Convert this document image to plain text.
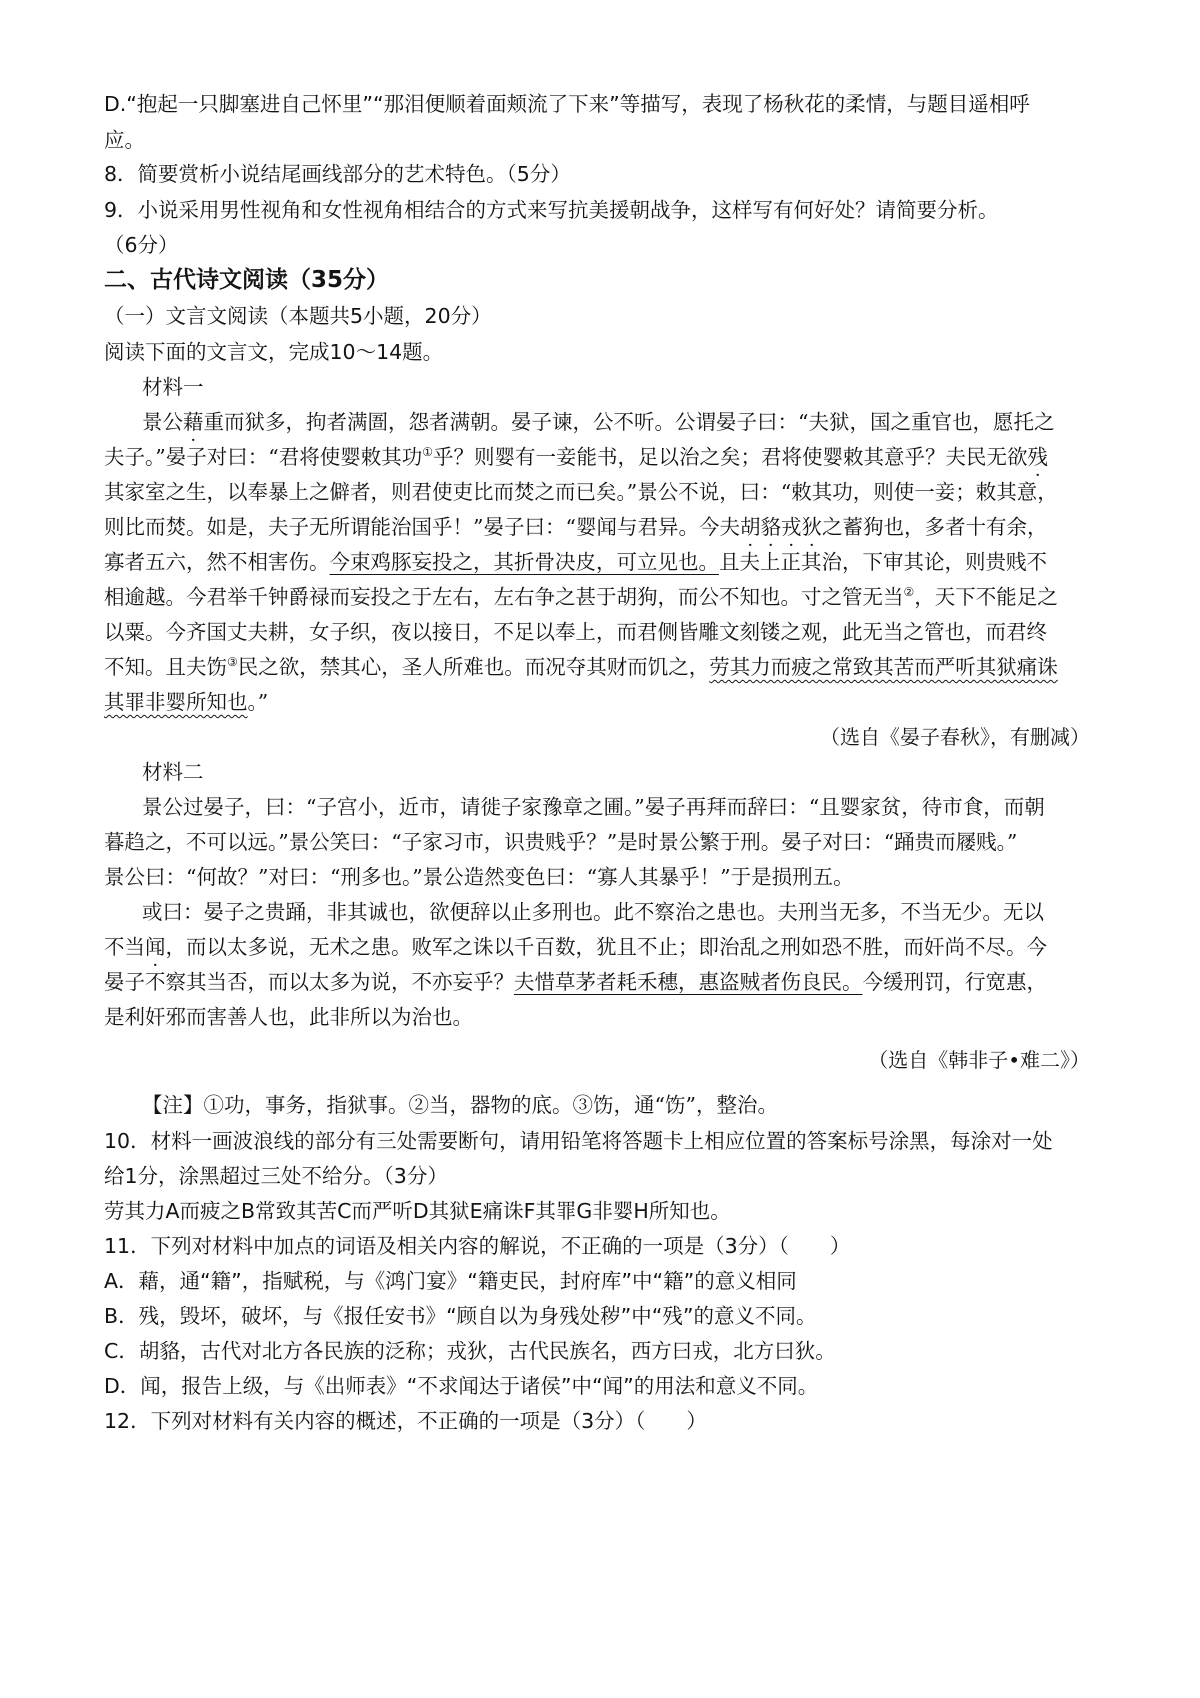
D.“抱起一只脚塞进自己怀里”“那泪便顺着面颊流了下来”等描写，表现了杨秋花的柔情，与题目遥相呼
应。
8．简要赏析小说结尾画线部分的艺术特色。（5分）
9．小说采用男性视角和女性视角相结合的方式来写抗美援朝战争，这样写有何好处？请简要分析。
（6分）
二、古代诗文阅读（35分）
（一）文言文阅读（本题共5小题，20分）
阅读下面的文言文，完成10～14题。
材料一
景公藉重而狱多，拘者满圄，怨者满朝。晏子谏，公不听。公谓晏子曰：“夫狱，国之重官也，愿托之
夫子。”晏子对曰：“君将使婴敕其功①乎？则婴有一妾能书，足以治之矣；君将使婴敕其意乎？夫民无欲残
其家室之生，以奉暴上之僻者，则君使吏比而焚之而已矣。”景公不说，曰：“敕其功，则使一妾；敕其意，
则比而焚。如是，夫子无所谓能治国乎！”晏子曰：“婴闻与君异。今夫胡貉戎狄之蓄狗也，多者十有余，
寡者五六，然不相害伤。今束鸡豚妄投之，其折骨决皮，可立见也。且夫上正其治，下审其论，则贵贱不
相逾越。今君举千钟爵禄而妄投之于左右，左右争之甚于胡狗，而公不知也。寸之管无当②，天下不能足之
以粟。今齐国丈夫耕，女子织，夜以接日，不足以奉上，而君侧皆雕文刻镂之观，此无当之管也，而君终
不知。且夫饬③民之欲，禁其心，圣人所难也。而况夺其财而饥之，劳其力而疲之常致其苦而严听其狱痛诛
其罪非婴所知也。”
（选自《晏子春秋》，有删减）
材料二
景公过晏子，曰：“子宫小，近市，请徙子家豫章之圃。”晏子再拜而辞曰：“且婴家贫，待市食，而朝
暮趋之，不可以远。”景公笑曰：“子家习市，识贵贱乎？”是时景公繁于刑。晏子对曰：“踊贵而屦贱。”
景公曰：“何故？”对曰：“刑多也。”景公造然变色曰：“寡人其暴乎！”于是损刑五。
或曰：晏子之贵踊，非其诚也，欲便辞以止多刑也。此不察治之患也。夫刑当无多，不当无少。无以
不当闻，而以太多说，无术之患。败军之诛以千百数，犹且不止；即治乱之刑如恐不胜，而奸尚不尽。今
晏子不察其当否，而以太多为说，不亦妄乎？夫惜草茅者耗禾穗，惠盗贼者伤良民。今缓刑罚，行宽惠，
是利奸邪而害善人也，此非所以为治也。
（选自《韩非子•难二》）
【注】①功，事务，指狱事。②当，器物的底。③饬，通“饬”，整治。
10．材料一画波浪线的部分有三处需要断句，请用铅笔将答题卡上相应位置的答案标号涂黑，每涂对一处
给1分，涂黑超过三处不给分。（3分）
劳其力A而疲之B常致其苦C而严听D其狱E痛诛F其罪G非婴H所知也。
11．下列对材料中加点的词语及相关内容的解说，不正确的一项是（3分）（　　）
A．藉，通“籍”，指赋税，与《鸿门宴》“籍吏民，封府库”中“籍”的意义相同
B．残，毁坏，破坏，与《报任安书》“顾自以为身残处秽”中“残”的意义不同。
C．胡貉，古代对北方各民族的泛称；戎狄，古代民族名，西方曰戎，北方曰狄。
D．闻，报告上级，与《出师表》“不求闻达于诸侯”中“闻”的用法和意义不同。
12．下列对材料有关内容的概述，不正确的一项是（3分）（　　）
